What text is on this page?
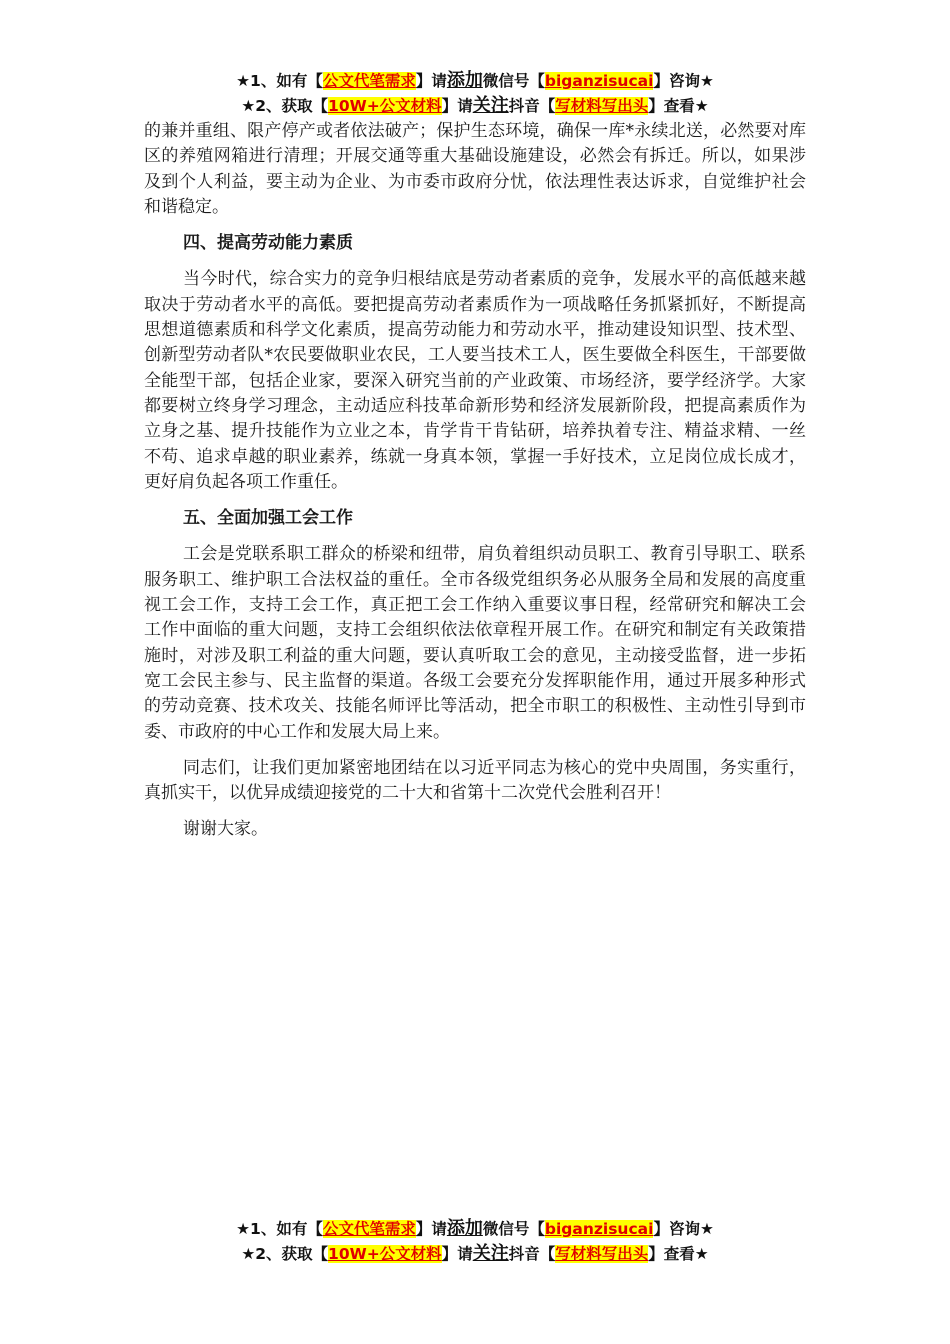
★1、如有【公文代笔需求】请添加微信号【biganzisucai】咨询★
★2、获取【10W+公文材料】请关注抖音【写材料写出头】查看★

的兼并重组、限产停产或者依法破产；保护生态环境，确保一库*永续北送，必然要对库区的养殖网箱进行清理；开展交通等重大基础设施建设，必然会有拆迁。所以，如果涉及到个人利益，要主动为企业、为市委市政府分忧，依法理性表达诉求，自觉维护社会和谐稳定。

四、提高劳动能力素质

当今时代，综合实力的竞争归根结底是劳动者素质的竞争，发展水平的高低越来越取决于劳动者水平的高低。要把提高劳动者素质作为一项战略任务抓紧抓好，不断提高思想道德素质和科学文化素质，提高劳动能力和劳动水平，推动建设知识型、技术型、创新型劳动者队*农民要做职业农民，工人要当技术工人，医生要做全科医生，干部要做全能型干部，包括企业家，要深入研究当前的产业政策、市场经济，要学经济学。大家都要树立终身学习理念，主动适应科技革命新形势和经济发展新阶段，把提高素质作为立身之基、提升技能作为立业之本，肯学肯干肯钻研，培养执着专注、精益求精、一丝不苟、追求卓越的职业素养，练就一身真本领，掌握一手好技术，立足岗位成长成才，更好肩负起各项工作重任。

五、全面加强工会工作

工会是党联系职工群众的桥梁和纽带，肩负着组织动员职工、教育引导职工、联系服务职工、维护职工合法权益的重任。全市各级党组织务必从服务全局和发展的高度重视工会工作，支持工会工作，真正把工会工作纳入重要议事日程，经常研究和解决工会工作中面临的重大问题，支持工会组织依法依章程开展工作。在研究和制定有关政策措施时，对涉及职工利益的重大问题，要认真听取工会的意见，主动接受监督，进一步拓宽工会民主参与、民主监督的渠道。各级工会要充分发挥职能作用，通过开展多种形式的劳动竞赛、技术攻关、技能名师评比等活动，把全市职工的积极性、主动性引导到市委、市政府的中心工作和发展大局上来。

同志们，让我们更加紧密地团结在以习近平同志为核心的党中央周围，务实重行，真抓实干，以优异成绩迎接党的二十大和省第十二次党代会胜利召开！

谢谢大家。

★1、如有【公文代笔需求】请添加微信号【biganzisucai】咨询★
★2、获取【10W+公文材料】请关注抖音【写材料写出头】查看★
